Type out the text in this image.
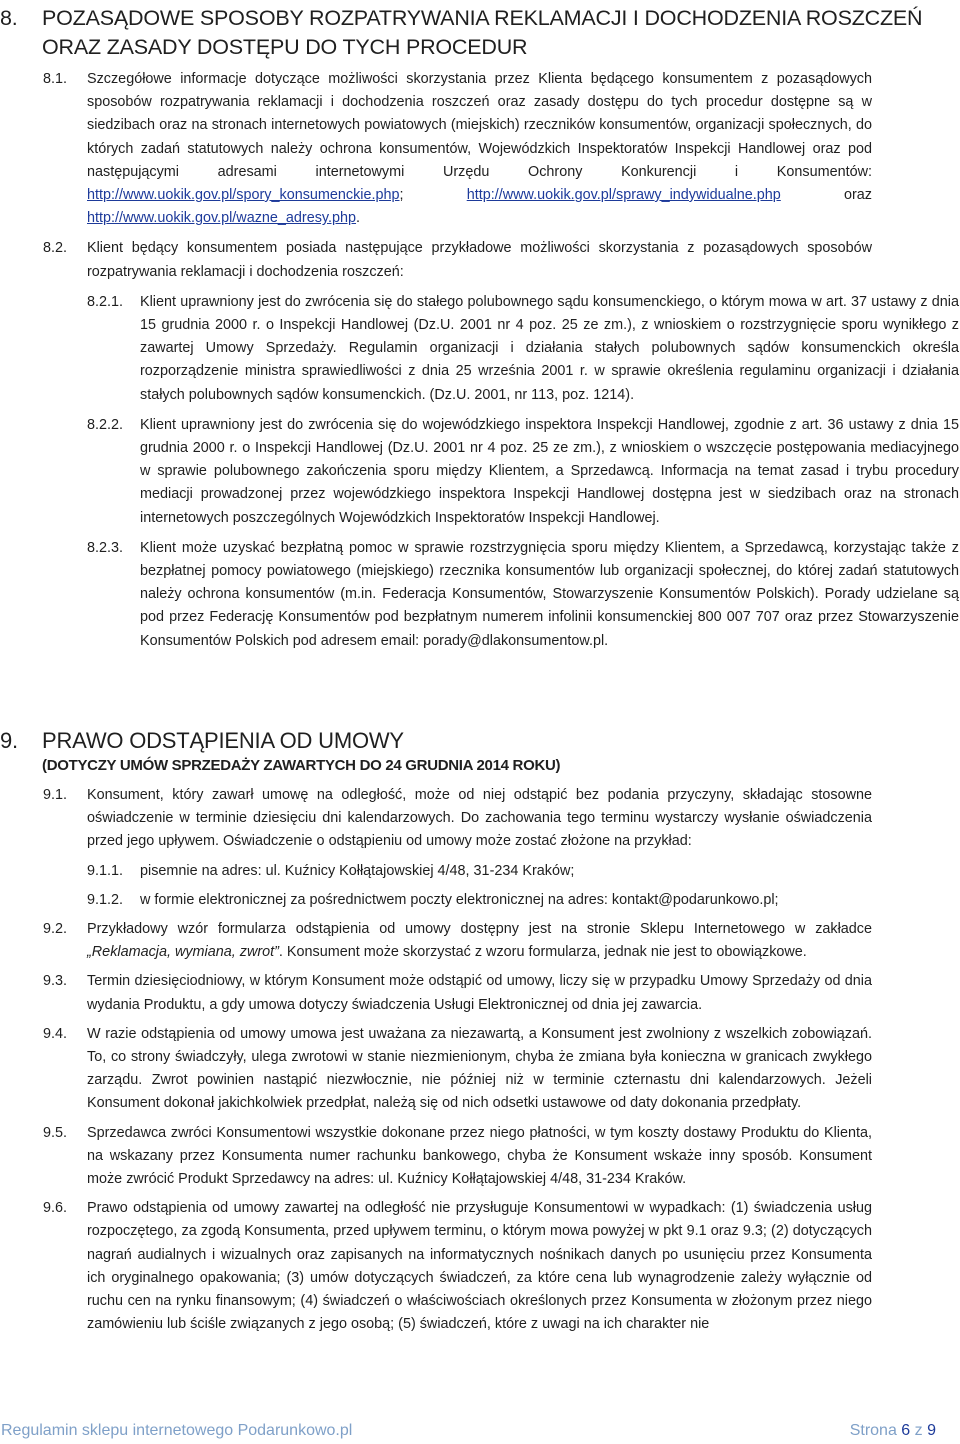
8. POZASĄDOWE SPOSOBY ROZPATRYWANIA REKLAMACJI I DOCHODZENIA ROSZCZEŃ ORAZ ZASADY DOSTĘPU DO TYCH PROCEDUR
8.1. Szczegółowe informacje dotyczące możliwości skorzystania przez Klienta będącego konsumentem z pozasądowych sposobów rozpatrywania reklamacji i dochodzenia roszczeń oraz zasady dostępu do tych procedur dostępne są w siedzibach oraz na stronach internetowych powiatowych (miejskich) rzeczników konsumentów, organizacji społecznych, do których zadań statutowych należy ochrona konsumentów, Wojewódzkich Inspektoratów Inspekcji Handlowej oraz pod następującymi adresami internetowymi Urzędu Ochrony Konkurencji i Konsumentów: http://www.uokik.gov.pl/spory_konsumenckie.php; http://www.uokik.gov.pl/sprawy_indywidualne.php oraz http://www.uokik.gov.pl/wazne_adresy.php.
8.2. Klient będący konsumentem posiada następujące przykładowe możliwości skorzystania z pozasądowych sposobów rozpatrywania reklamacji i dochodzenia roszczeń:
8.2.1. Klient uprawniony jest do zwrócenia się do stałego polubownego sądu konsumenckiego, o którym mowa w art. 37 ustawy z dnia 15 grudnia 2000 r. o Inspekcji Handlowej (Dz.U. 2001 nr 4 poz. 25 ze zm.), z wnioskiem o rozstrzygnięcie sporu wynikłego z zawartej Umowy Sprzedaży. Regulamin organizacji i działania stałych polubownych sądów konsumenckich określa rozporządzenie ministra sprawiedliwości z dnia 25 września 2001 r. w sprawie określenia regulaminu organizacji i działania stałych polubownych sądów konsumenckich. (Dz.U. 2001, nr 113, poz. 1214).
8.2.2. Klient uprawniony jest do zwrócenia się do wojewódzkiego inspektora Inspekcji Handlowej, zgodnie z art. 36 ustawy z dnia 15 grudnia 2000 r. o Inspekcji Handlowej (Dz.U. 2001 nr 4 poz. 25 ze zm.), z wnioskiem o wszczęcie postępowania mediacyjnego w sprawie polubownego zakończenia sporu między Klientem, a Sprzedawcą. Informacja na temat zasad i trybu procedury mediacji prowadzonej przez wojewódzkiego inspektora Inspekcji Handlowej dostępna jest w siedzibach oraz na stronach internetowych poszczególnych Wojewódzkich Inspektoratów Inspekcji Handlowej.
8.2.3. Klient może uzyskać bezpłatną pomoc w sprawie rozstrzygnięcia sporu między Klientem, a Sprzedawcą, korzystając także z bezpłatnej pomocy powiatowego (miejskiego) rzecznika konsumentów lub organizacji społecznej, do której zadań statutowych należy ochrona konsumentów (m.in. Federacja Konsumentów, Stowarzyszenie Konsumentów Polskich). Porady udzielane są pod przez Federację Konsumentów pod bezpłatnym numerem infolinii konsumenckiej 800 007 707 oraz przez Stowarzyszenie Konsumentów Polskich pod adresem email: porady@dlakonsumentow.pl.
9. PRAWO ODSTĄPIENIA OD UMOWY
(DOTYCZY UMÓW SPRZEDAŻY ZAWARTYCH DO 24 GRUDNIA 2014 ROKU)
9.1. Konsument, który zawarł umowę na odległość, może od niej odstąpić bez podania przyczyny, składając stosowne oświadczenie w terminie dziesięciu dni kalendarzowych. Do zachowania tego terminu wystarczy wysłanie oświadczenia przed jego upływem. Oświadczenie o odstąpieniu od umowy może zostać złożone na przykład:
9.1.1. pisemnie na adres: ul. Kuźnicy Kołłątajowskiej 4/48, 31-234 Kraków;
9.1.2. w formie elektronicznej za pośrednictwem poczty elektronicznej na adres: kontakt@podarunkowo.pl;
9.2. Przykładowy wzór formularza odstąpienia od umowy dostępny jest na stronie Sklepu Internetowego w zakładce „Reklamacja, wymiana, zwrot”. Konsument może skorzystać z wzoru formularza, jednak nie jest to obowiązkowe.
9.3. Termin dziesięciodniowy, w którym Konsument może odstąpić od umowy, liczy się w przypadku Umowy Sprzedaży od dnia wydania Produktu, a gdy umowa dotyczy świadczenia Usługi Elektronicznej od dnia jej zawarcia.
9.4. W razie odstąpienia od umowy umowa jest uważana za niezawartą, a Konsument jest zwolniony z wszelkich zobowiązań. To, co strony świadczyły, ulega zwrotowi w stanie niezmienionym, chyba że zmiana była konieczna w granicach zwykłego zarządu. Zwrot powinien nastąpić niezwłocznie, nie później niż w terminie czternastu dni kalendarzowych. Jeżeli Konsument dokonał jakichkolwiek przedpłat, należą się od nich odsetki ustawowe od daty dokonania przedpłaty.
9.5. Sprzedawca zwróci Konsumentowi wszystkie dokonane przez niego płatności, w tym koszty dostawy Produktu do Klienta, na wskazany przez Konsumenta numer rachunku bankowego, chyba że Konsument wskaże inny sposób. Konsument może zwrócić Produkt Sprzedawcy na adres: ul. Kuźnicy Kołłątajowskiej 4/48, 31-234 Kraków.
9.6. Prawo odstąpienia od umowy zawartej na odległość nie przysługuje Konsumentowi w wypadkach: (1) świadczenia usług rozpoczętego, za zgodą Konsumenta, przed upływem terminu, o którym mowa powyżej w pkt 9.1 oraz 9.3; (2) dotyczących nagrań audialnych i wizualnych oraz zapisanych na informatycznych nośnikach danych po usunięciu przez Konsumenta ich oryginalnego opakowania; (3) umów dotyczących świadczeń, za które cena lub wynagrodzenie zależy wyłącznie od ruchu cen na rynku finansowym; (4) świadczeń o właściwościach określonych przez Konsumenta w złożonym przez niego zamówieniu lub ściśle związanych z jego osobą; (5) świadczeń, które z uwagi na ich charakter nie
Regulamin sklepu internetowego Podarunkowo.pl	Strona 6 z 9
